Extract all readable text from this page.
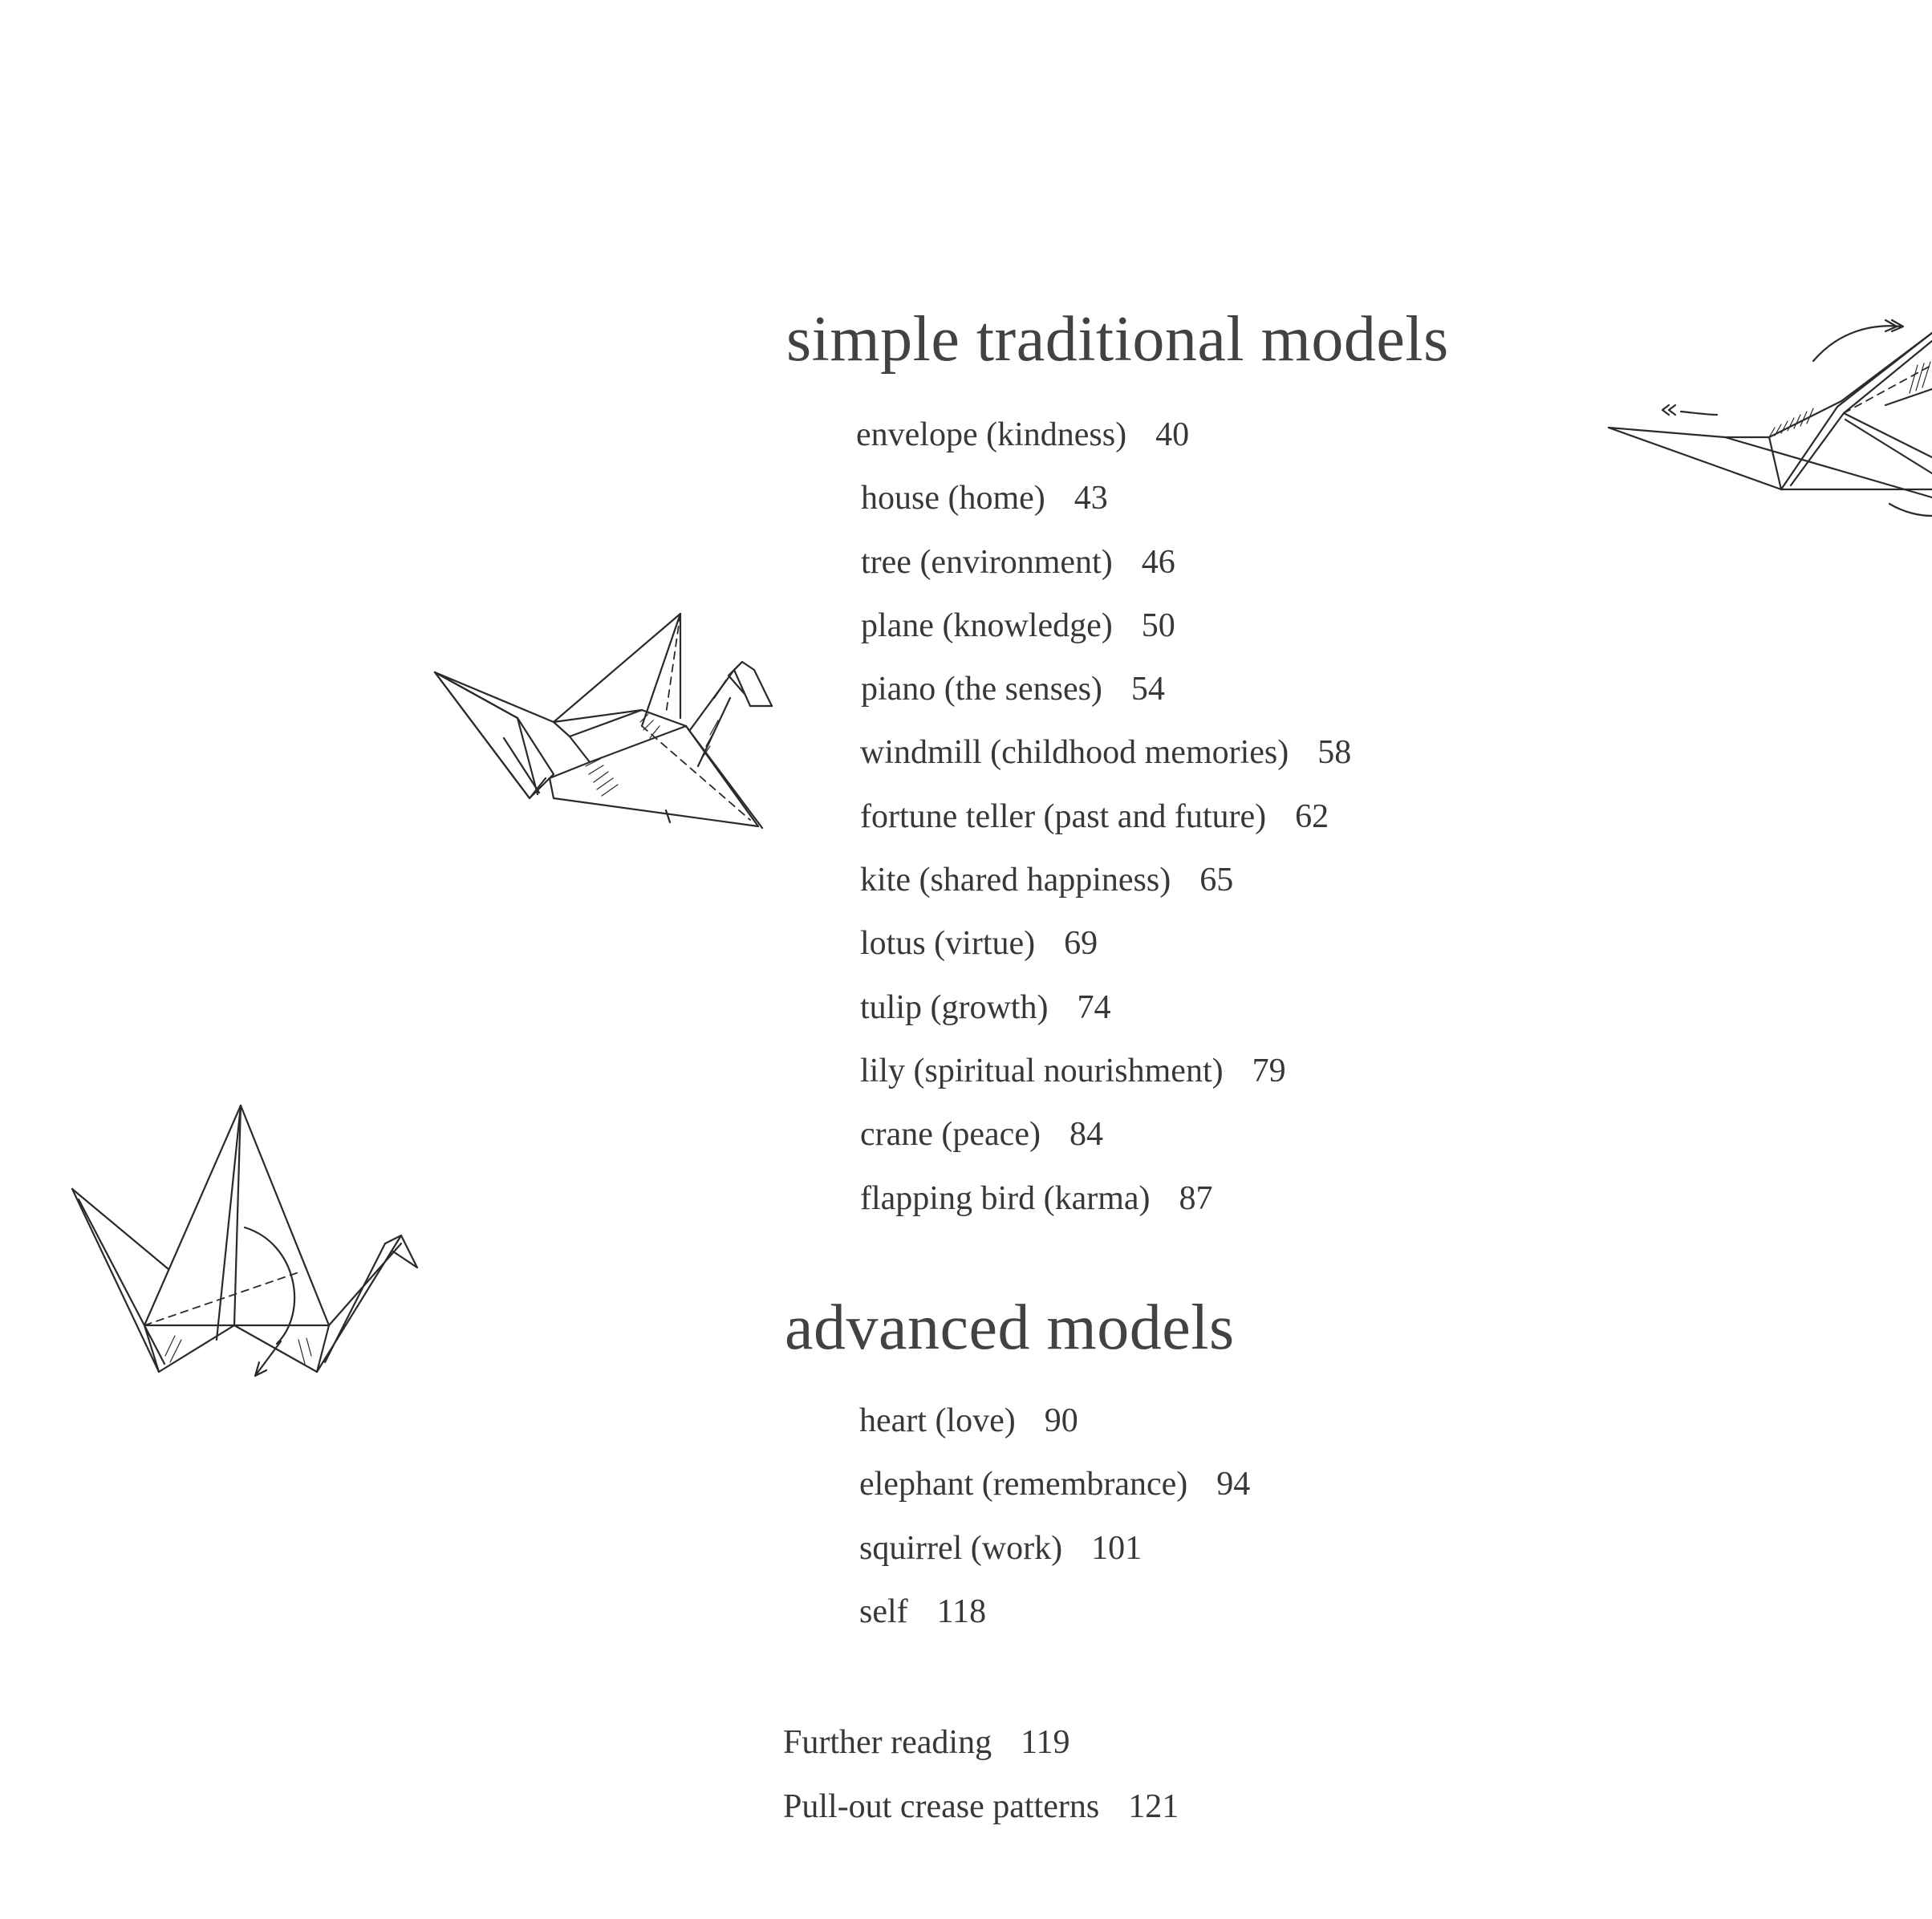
simple traditional models
envelope (kindness) 40
house (home) 43
tree (environment) 46
plane (knowledge) 50
piano (the senses) 54
windmill (childhood memories) 58
fortune teller (past and future) 62
kite (shared happiness) 65
lotus (virtue) 69
tulip (growth) 74
lily (spiritual nourishment) 79
crane (peace) 84
flapping bird (karma) 87
advanced models
heart (love) 90
elephant (remembrance) 94
squirrel (work) 101
self 118
Further reading 119
Pull-out crease patterns 121
